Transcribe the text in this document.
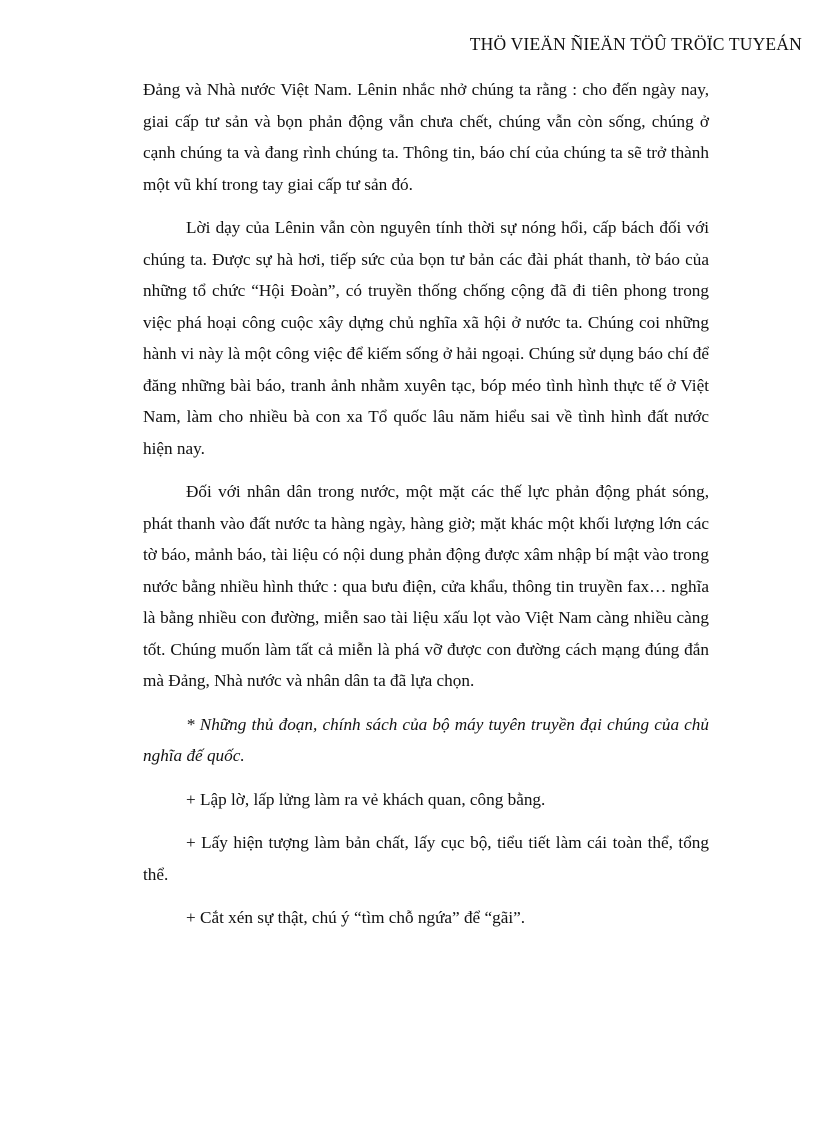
THÖ VIEÄN ÑIEÄN TÖÛ TRÖÏC TUYEÁN

Đảng và Nhà nước Việt Nam. Lênin nhắc nhở chúng ta rằng : cho đến ngày nay, giai cấp tư sản và bọn phản động vẫn chưa chết, chúng vẫn còn sống, chúng ở cạnh chúng ta và đang rình chúng ta. Thông tin, báo chí của chúng ta sẽ trở thành một vũ khí trong tay giai cấp tư sản đó.

Lời dạy của Lênin vẫn còn nguyên tính thời sự nóng hổi, cấp bách đối với chúng ta. Được sự hà hơi, tiếp sức của bọn tư bản các đài phát thanh, tờ báo của những tổ chức “Hội Đoàn”, có truyền thống chống cộng đã đi tiên phong trong việc phá hoại công cuộc xây dựng chủ nghĩa xã hội ở nước ta. Chúng coi những hành vi này là một công việc để kiếm sống ở hải ngoại. Chúng sử dụng báo chí để đăng những bài báo, tranh ảnh nhằm xuyên tạc, bóp méo tình hình thực tế ở Việt Nam, làm cho nhiều bà con xa Tổ quốc lâu năm hiểu sai về tình hình đất nước hiện nay.

Đối với nhân dân trong nước, một mặt các thế lực phản động phát sóng, phát thanh vào đất nước ta hàng ngày, hàng giờ; mặt khác một khối lượng lớn các tờ báo, mảnh báo, tài liệu có nội dung phản động được xâm nhập bí mật vào trong nước bằng nhiều hình thức : qua bưu điện, cửa khẩu, thông tin truyền fax… nghĩa là bằng nhiều con đường, miễn sao tài liệu xấu lọt vào Việt Nam càng nhiều càng tốt. Chúng muốn làm tất cả miễn là phá vỡ được con đường cách mạng đúng đắn mà Đảng, Nhà nước và nhân dân ta đã lựa chọn.

* Những thủ đoạn, chính sách của bộ máy tuyên truyền đại chúng của chủ nghĩa đế quốc.

+ Lập lờ, lấp lửng làm ra vẻ khách quan, công bằng.

+ Lấy hiện tượng làm bản chất, lấy cục bộ, tiểu tiết làm cái toàn thể, tổng thể.

+ Cắt xén sự thật, chú ý “tìm chỗ ngứa” để “gãi”.
